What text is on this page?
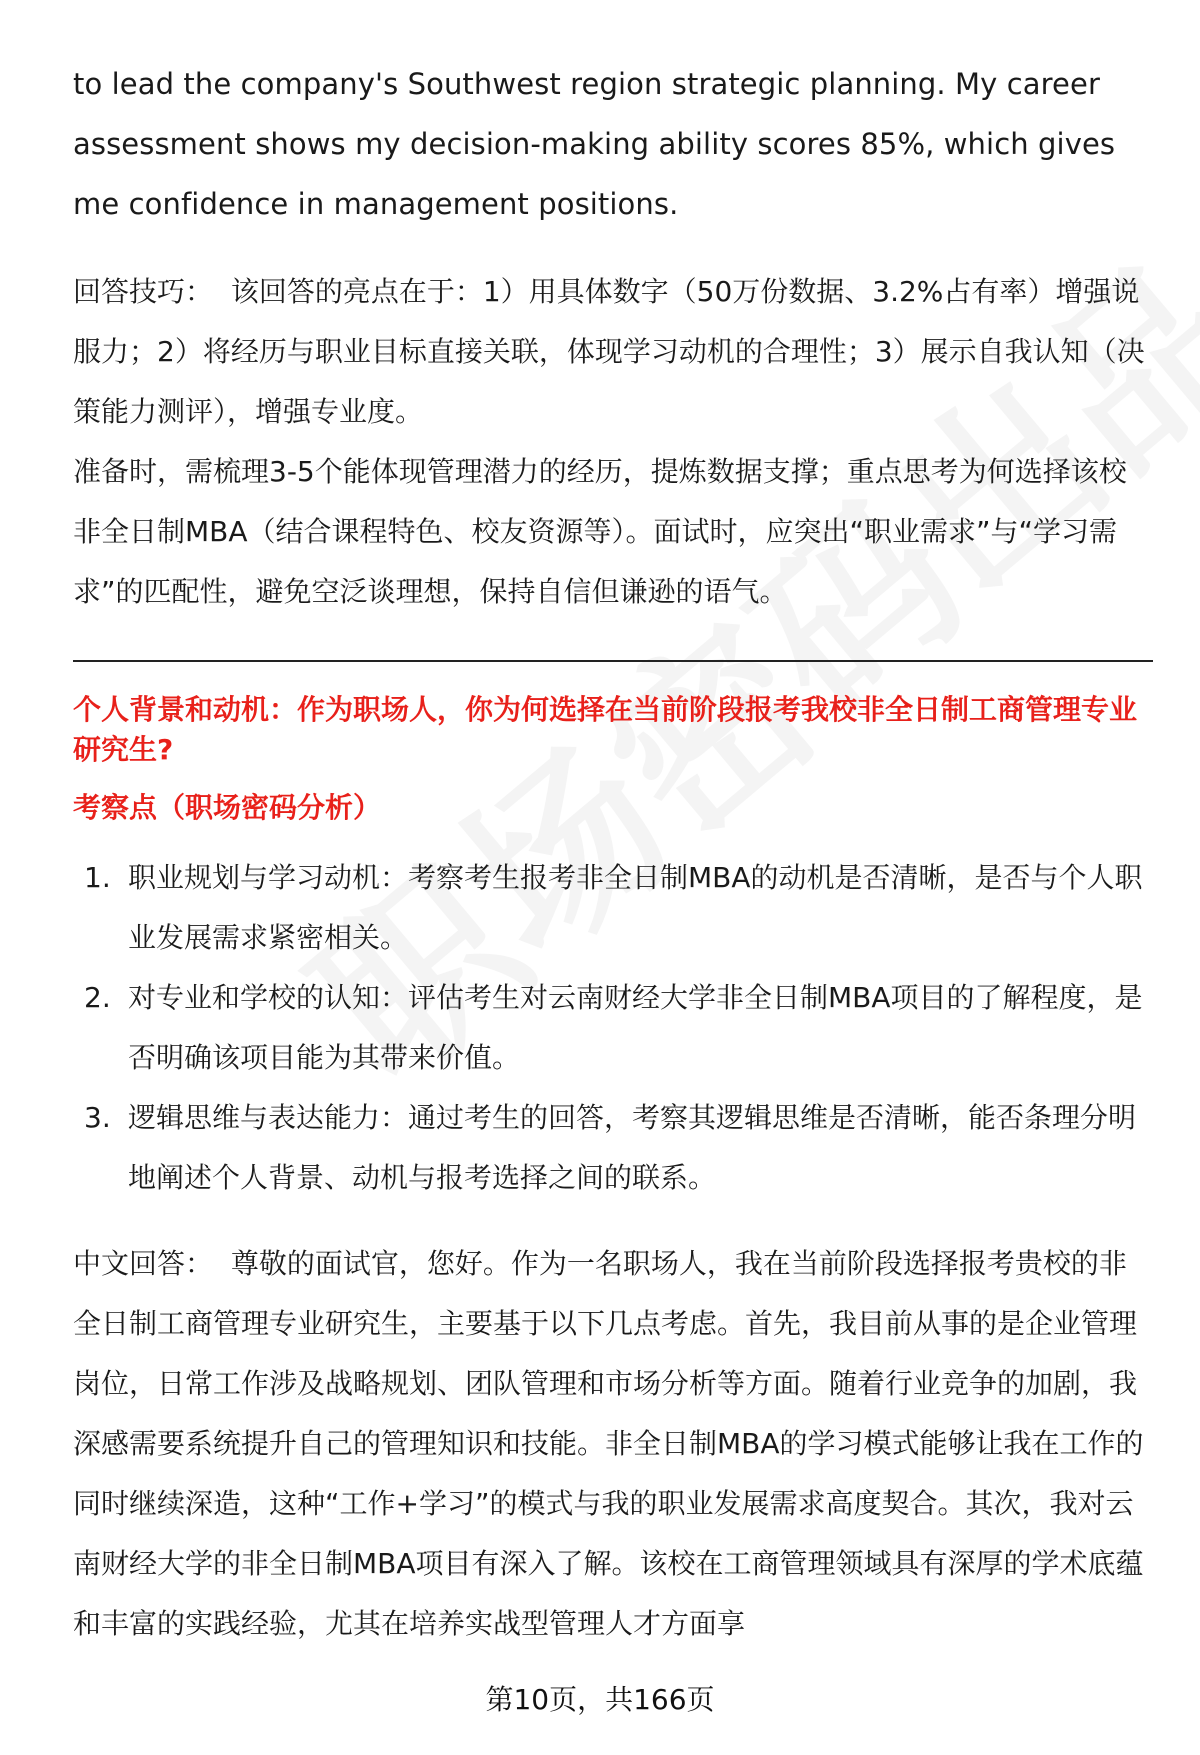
to lead the company's Southwest region strategic planning. My career assessment shows my decision-making ability scores 85%, which gives me confidence in management positions.

回答技巧： 该回答的亮点在于：1）用具体数字（50万份数据、3.2%占有率）增强说服力；2）将经历与职业目标直接关联，体现学习动机的合理性；3）展示自我认知（决策能力测评），增强专业度。

准备时，需梳理3-5个能体现管理潜力的经历，提炼数据支撑；重点思考为何选择该校非全日制MBA（结合课程特色、校友资源等）。面试时，应突出“职业需求”与“学习需求”的匹配性，避免空泛谈理想，保持自信但谦逊的语气。

个人背景和动机：作为职场人，你为何选择在当前阶段报考我校非全日制工商管理专业研究生?

考察点（职场密码分析）

1. 职业规划与学习动机：考察考生报考非全日制MBA的动机是否清晰，是否与个人职业发展需求紧密相关。
2. 对专业和学校的认知：评估考生对云南财经大学非全日制MBA项目的了解程度，是否明确该项目能为其带来价值。
3. 逻辑思维与表达能力：通过考生的回答，考察其逻辑思维是否清晰，能否条理分明地阐述个人背景、动机与报考选择之间的联系。

中文回答： 尊敬的面试官，您好。作为一名职场人，我在当前阶段选择报考贵校的非全日制工商管理专业研究生，主要基于以下几点考虑。首先，我目前从事的是企业管理岗位，日常工作涉及战略规划、团队管理和市场分析等方面。随着行业竞争的加剧，我深感需要系统提升自己的管理知识和技能。非全日制MBA的学习模式能够让我在工作的同时继续深造，这种“工作+学习”的模式与我的职业发展需求高度契合。其次，我对云南财经大学的非全日制MBA项目有深入了解。该校在工商管理领域具有深厚的学术底蕴和丰富的实践经验，尤其在培养实战型管理人才方面享

第10页，共166页
